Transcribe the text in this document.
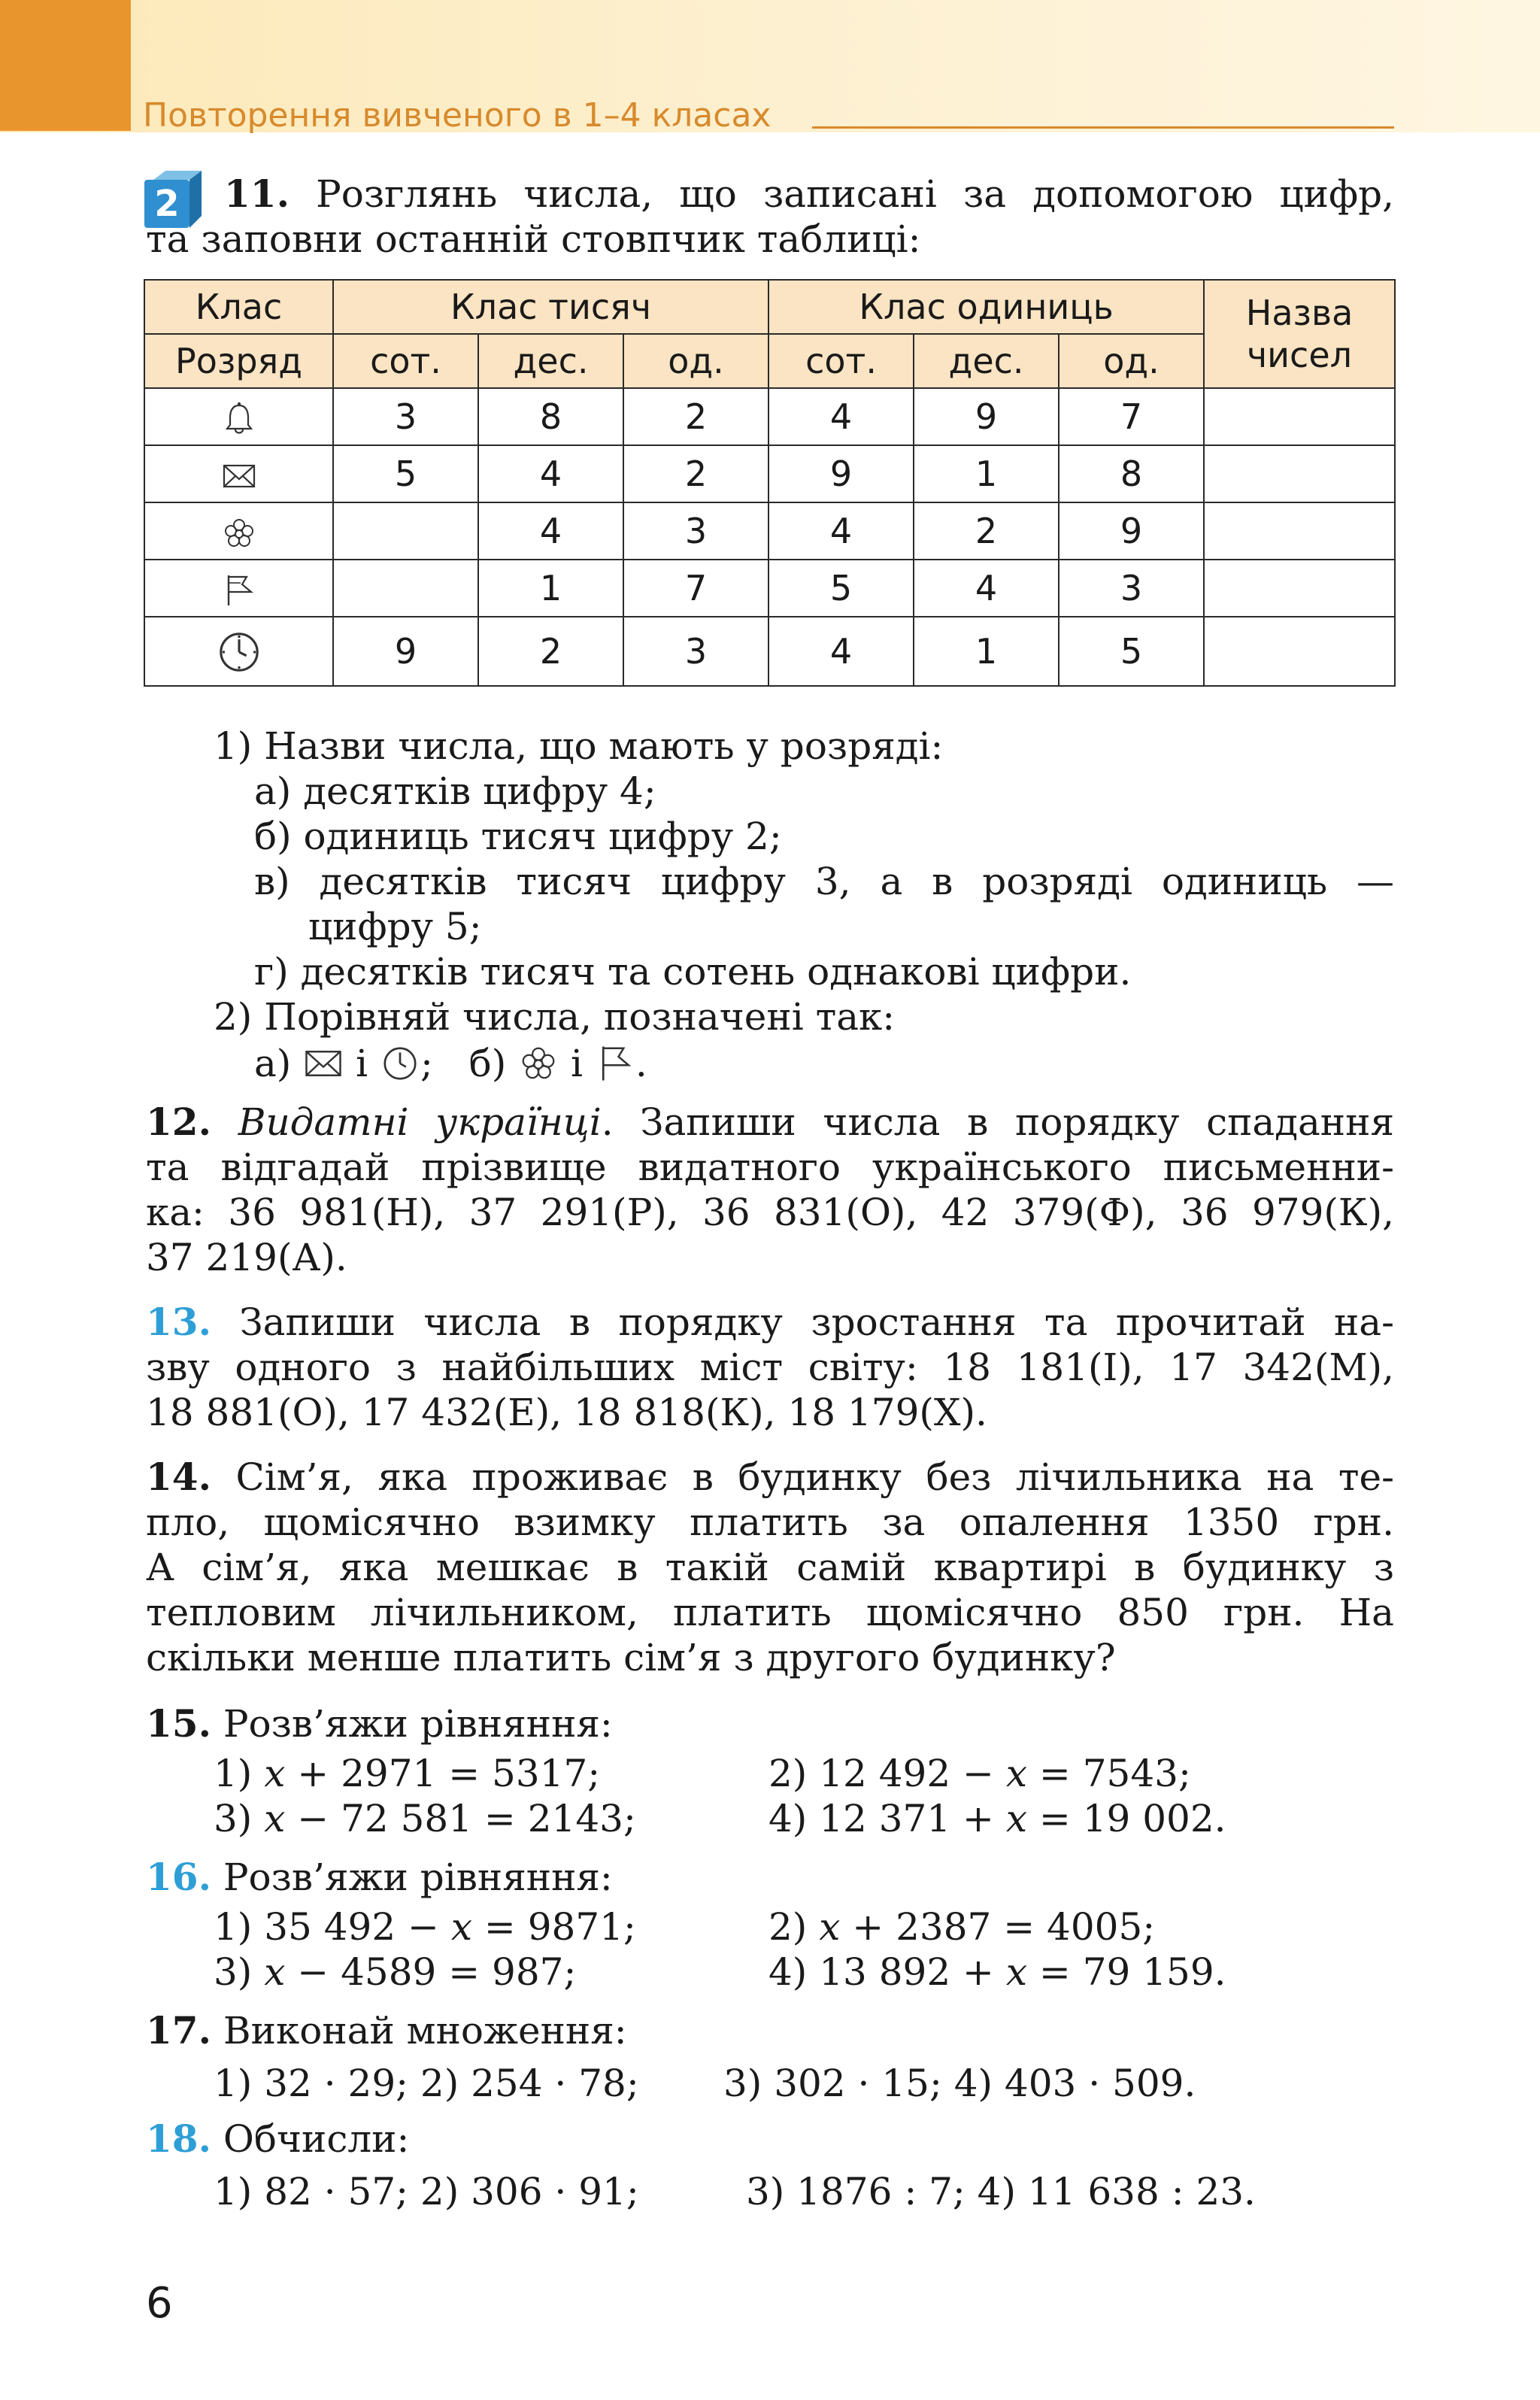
Повторення вивченого в 1–4 класах
2 11. Розглянь числа, що записані за допомогою цифр,
та заповни останній стовпчик таблиці:
Клас	Клас тисяч			Клас одиниць			Назва
чисел
Розряд	сот.	дес.	од.	сот.	дес.	од.	
	3	8	2	4	9	7	
	5	4	2	9	1	8	
		4	3	4	2	9	
		1	7	5	4	3	
	9	2	3	4	1	5	
1) Назви числа, що мають у розряді:
а) десятків цифру 4;
б) одиниць тисяч цифру 2;
в) десятків тисяч цифру 3, а в розряді одиниць —
цифру 5;
г) десятків тисяч та сотень однакові цифри.
2) Порівняй числа, позначені так:
а) і ; б) і .
12. Видатні українці. Запиши числа в порядку спадання
та відгадай прізвище видатного українського письменни-
ка: 36 981(Н), 37 291(Р), 36 831(О), 42 379(Ф), 36 979(К),
37 219(А).
13. Запиши числа в порядку зростання та прочитай на-
зву одного з найбільших міст світу: 18 181(І), 17 342(М),
18 881(О), 17 432(Е), 18 818(К), 18 179(Х).
14. Сім’я, яка проживає в будинку без лічильника на те-
пло, щомісячно взимку платить за опалення 1350 грн.
А сім’я, яка мешкає в такій самій квартирі в будинку з
тепловим лічильником, платить щомісячно 850 грн. На
скільки менше платить сім’я з другого будинку?
15. Розв’яжи рівняння:
1) 𝑥 + 2971 = 5317;	2) 12 492 − 𝑥 = 7543;
3) 𝑥 − 72 581 = 2143;	4) 12 371 + 𝑥 = 19 002.
16. Розв’яжи рівняння:
1) 35 492 − 𝑥 = 9871;	2) 𝑥 + 2387 = 4005;
3) 𝑥 − 4589 = 987;	4) 13 892 + 𝑥 = 79 159.
17. Виконай множення:
1) 32 · 29; 2) 254 · 78; 3) 302 · 15; 4) 403 · 509.
18. Обчисли:
1) 82 · 57; 2) 306 · 91;	3) 1876 : 7; 4) 11 638 : 23.
6
